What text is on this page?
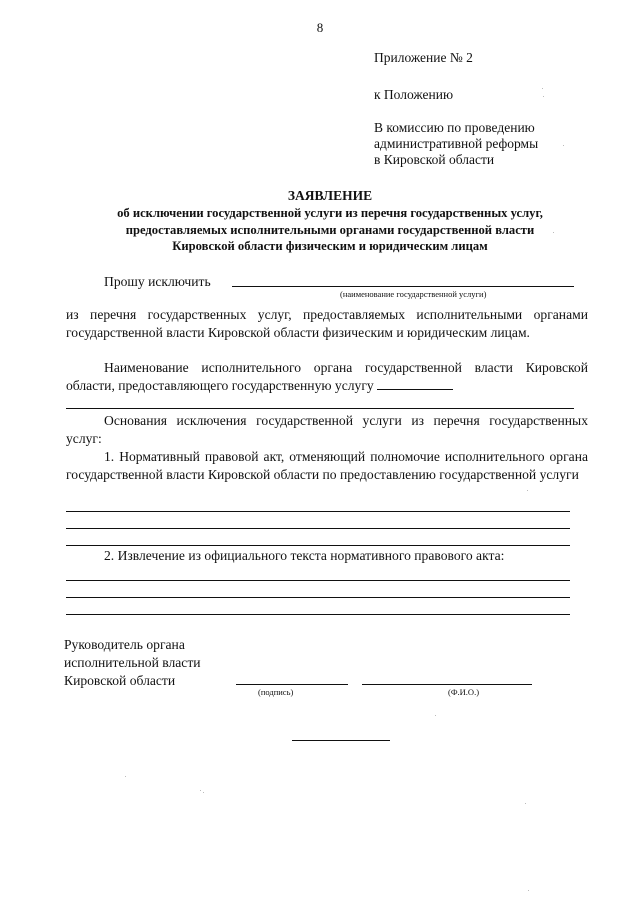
8
Приложение № 2
к Положению
В комиссию по проведению
административной реформы
в Кировской области
ЗАЯВЛЕНИЕ
об исключении государственной услуги из перечня государственных услуг,
предоставляемых исполнительными органами государственной власти
Кировской области физическим и юридическим лицам
Прошу исключить
(наименование государственной услуги)
из перечня государственных услуг, предоставляемых исполнительными органами государственной власти Кировской области физическим и юридическим лицам.
Наименование исполнительного органа государственной власти Кировской области, предоставляющего государственную услугу
Основания исключения государственной услуги из перечня государственных услуг:
1. Нормативный правовой акт, отменяющий полномочие исполнительного органа государственной власти Кировской области по предоставлению государственной услуги
2. Извлечение из официального текста нормативного правового акта:
Руководитель органа
исполнительной власти
Кировской области
(подпись)	(Ф.И.О.)
